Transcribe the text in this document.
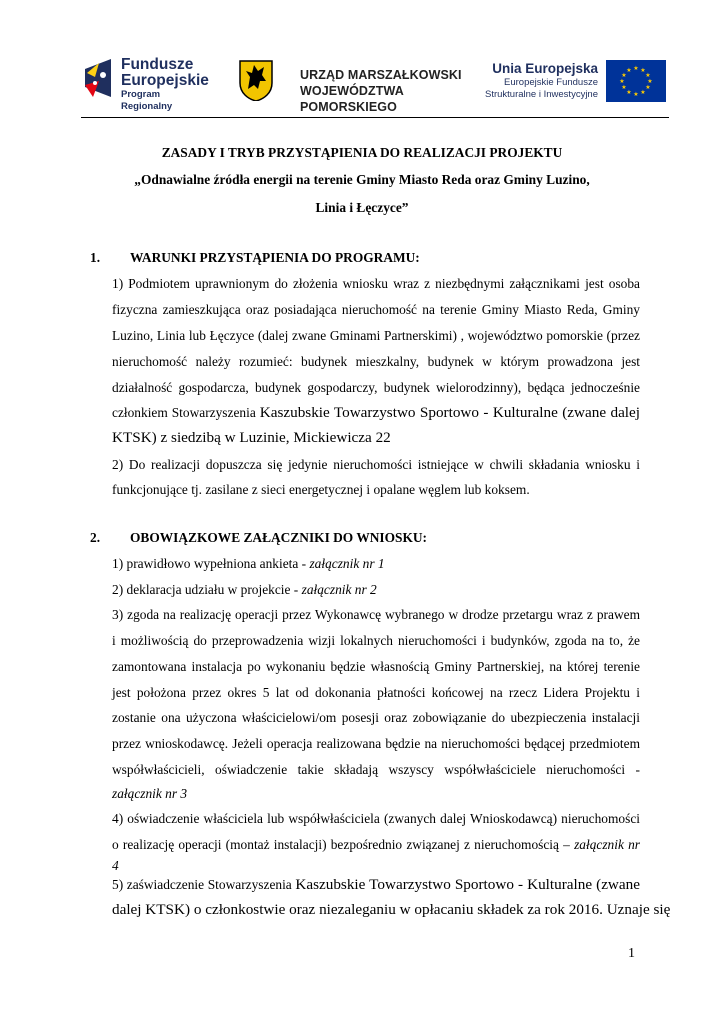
Fundusze
Europejskie
Program Regionalny
URZĄD MARSZAŁKOWSKI
WOJEWÓDZTWA POMORSKIEGO
Unia Europejska
Europejskie Fundusze
Strukturalne i Inwestycyjne
★ ★
★
★
★
★
★
★
★
★
★
★
ZASADY I TRYB PRZYSTĄPIENIA DO REALIZACJI PROJEKTU
„Odnawialne źródła energii na terenie Gminy Miasto Reda oraz Gminy Luzino,
Linia i Łęczyce”
1. WARUNKI PRZYSTĄPIENIA DO PROGRAMU:
1) Podmiotem uprawnionym do złożenia wniosku wraz z niezbędnymi załącznikami jest osoba
fizyczna zamieszkująca oraz posiadająca nieruchomość na terenie Gminy Miasto Reda, Gminy
Luzino, Linia lub Łęczyce (dalej zwane Gminami Partnerskimi) , województwo pomorskie (przez
nieruchomość należy rozumieć: budynek mieszkalny, budynek w którym prowadzona jest
działalność gospodarcza, budynek gospodarczy, budynek wielorodzinny), będąca jednocześnie
członkiem Stowarzyszenia Kaszubskie Towarzystwo Sportowo - Kulturalne (zwane dalej
KTSK) z siedzibą w Luzinie, Mickiewicza 22
2) Do realizacji dopuszcza się jedynie nieruchomości istniejące w chwili składania wniosku i
funkcjonujące tj. zasilane z sieci energetycznej i opalane węglem lub koksem.
2. OBOWIĄZKOWE ZAŁĄCZNIKI DO WNIOSKU:
1) prawidłowo wypełniona ankieta - załącznik nr 1
2) deklaracja udziału w projekcie - załącznik nr 2
3) zgoda na realizację operacji przez Wykonawcę wybranego w drodze przetargu wraz z prawem
i możliwością do przeprowadzenia wizji lokalnych nieruchomości i budynków, zgoda na to, że
zamontowana instalacja po wykonaniu będzie własnością Gminy Partnerskiej, na której terenie
jest położona przez okres 5 lat od dokonania płatności końcowej na rzecz Lidera Projektu i
zostanie ona użyczona właścicielowi/om posesji oraz zobowiązanie do ubezpieczenia instalacji
przez wnioskodawcę. Jeżeli operacja realizowana będzie na nieruchomości będącej przedmiotem
współwłaścicieli, oświadczenie takie składają wszyscy współwłaściciele nieruchomości -
załącznik nr 3
4) oświadczenie właściciela lub współwłaściciela (zwanych dalej Wnioskodawcą) nieruchomości
o realizację operacji (montaż instalacji) bezpośrednio związanej z nieruchomością – załącznik nr
4
5) zaświadczenie Stowarzyszenia Kaszubskie Towarzystwo Sportowo - Kulturalne (zwane
dalej KTSK) o członkostwie oraz niezaleganiu w opłacaniu składek za rok 2016. Uznaje się
1
